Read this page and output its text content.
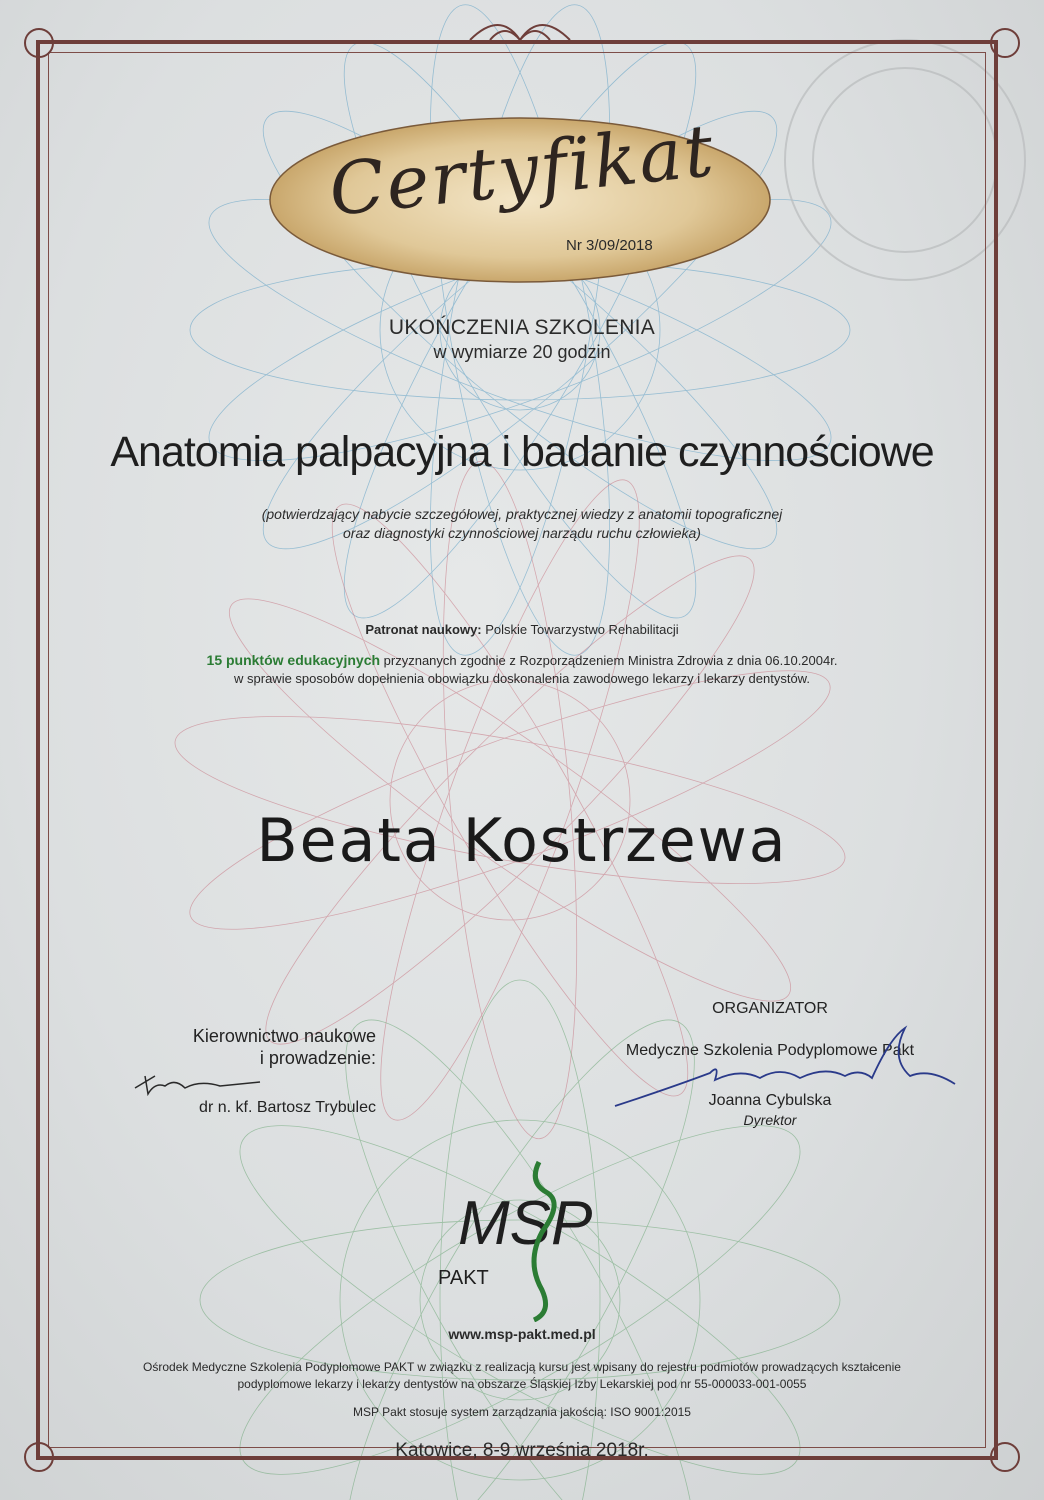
Certyfikat
Nr 3/09/2018
UKOŃCZENIA SZKOLENIA
w wymiarze 20 godzin
Anatomia palpacyjna i badanie czynnościowe
(potwierdzający nabycie szczegółowej, praktycznej wiedzy z anatomii topograficznej
oraz diagnostyki czynnościowej narządu ruchu człowieka)
Patronat naukowy: Polskie Towarzystwo Rehabilitacji
15 punktów edukacyjnych przyznanych zgodnie z Rozporządzeniem Ministra Zdrowia z dnia 06.10.2004r.
w sprawie sposobów dopełnienia obowiązku doskonalenia zawodowego lekarzy i lekarzy dentystów.
Beata Kostrzewa
Kierownictwo naukowe
i prowadzenie:
dr n. kf. Bartosz Trybulec
ORGANIZATOR
Medyczne Szkolenia Podyplomowe Pakt
Joanna Cybulska
Dyrektor
MSP
PAKT
www.msp-pakt.med.pl
Ośrodek Medyczne Szkolenia Podyplomowe PAKT w związku z realizacją kursu jest wpisany do rejestru podmiotów prowadzących kształcenie
podyplomowe lekarzy i lekarzy dentystów na obszarze Śląskiej Izby Lekarskiej pod nr 55-000033-001-0055
MSP Pakt stosuje system zarządzania jakością: ISO 9001:2015
Katowice, 8-9 września 2018r.
